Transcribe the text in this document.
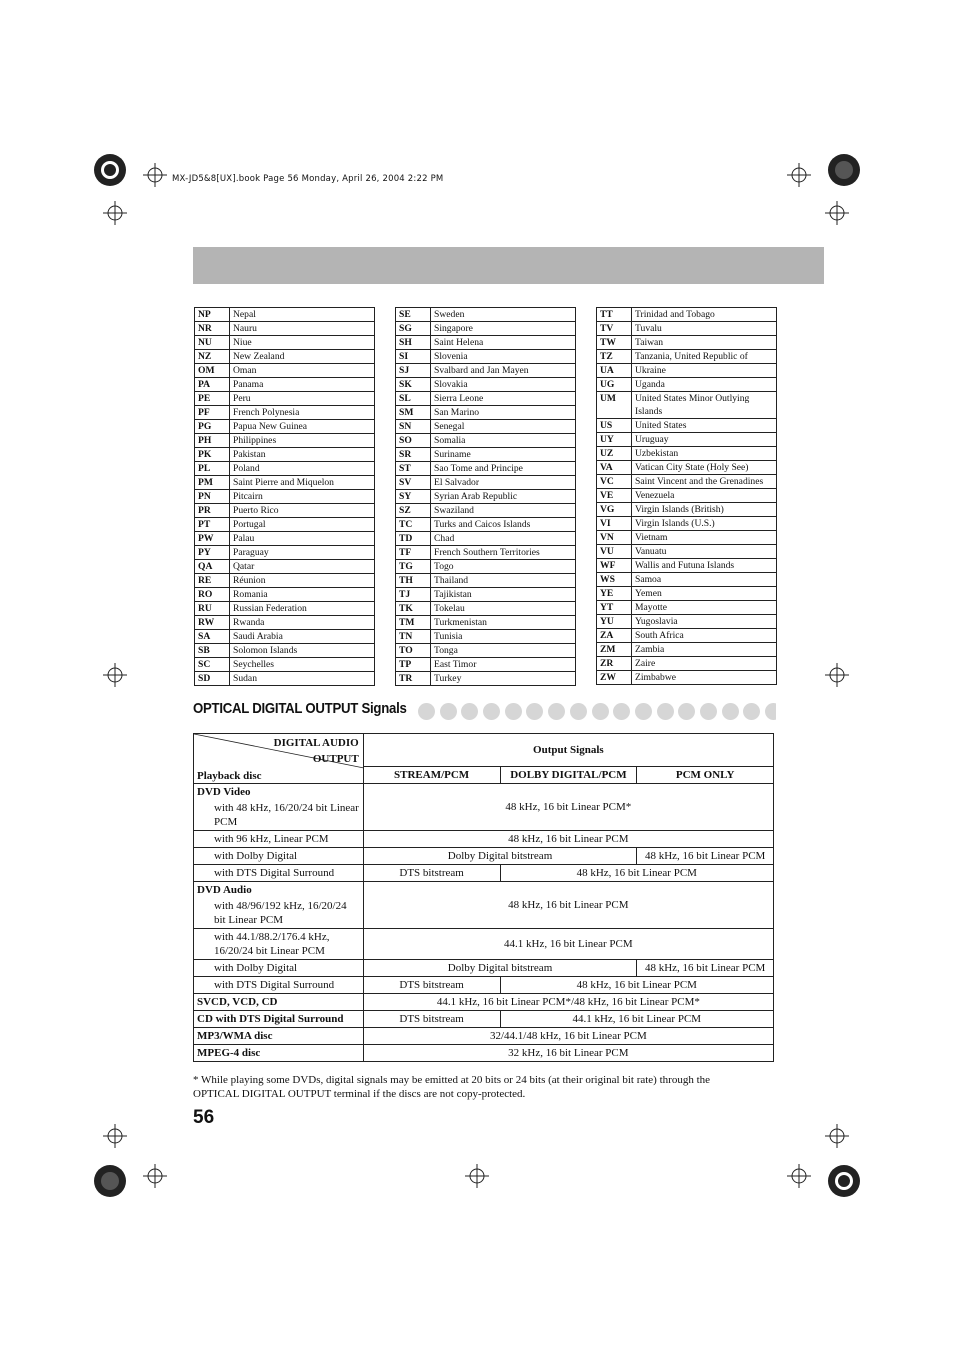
MX-JD5&8[UX].book Page 56 Monday, April 26, 2004 2:22 PM
NP	Nepal
NR	Nauru
NU	Niue
NZ	New Zealand
OM	Oman
PA	Panama
PE	Peru
PF	French Polynesia
PG	Papua New Guinea
PH	Philippines
PK	Pakistan
PL	Poland
PM	Saint Pierre and Miquelon
PN	Pitcairn
PR	Puerto Rico
PT	Portugal
PW	Palau
PY	Paraguay
QA	Qatar
RE	Réunion
RO	Romania
RU	Russian Federation
RW	Rwanda
SA	Saudi Arabia
SB	Solomon Islands
SC	Seychelles
SD	Sudan
SE	Sweden
SG	Singapore
SH	Saint Helena
SI	Slovenia
SJ	Svalbard and Jan Mayen
SK	Slovakia
SL	Sierra Leone
SM	San Marino
SN	Senegal
SO	Somalia
SR	Suriname
ST	Sao Tome and Principe
SV	El Salvador
SY	Syrian Arab Republic
SZ	Swaziland
TC	Turks and Caicos Islands
TD	Chad
TF	French Southern Territories
TG	Togo
TH	Thailand
TJ	Tajikistan
TK	Tokelau
TM	Turkmenistan
TN	Tunisia
TO	Tonga
TP	East Timor
TR	Turkey
TT	Trinidad and Tobago
TV	Tuvalu
TW	Taiwan
TZ	Tanzania, United Republic of
UA	Ukraine
UG	Uganda
UM	United States Minor Outlying Islands
US	United States
UY	Uruguay
UZ	Uzbekistan
VA	Vatican City State (Holy See)
VC	Saint Vincent and the Grenadines
VE	Venezuela
VG	Virgin Islands (British)
VI	Virgin Islands (U.S.)
VN	Vietnam
VU	Vanuatu
WF	Wallis and Futuna Islands
WS	Samoa
YE	Yemen
YT	Mayotte
YU	Yugoslavia
ZA	South Africa
ZM	Zambia
ZR	Zaire
ZW	Zimbabwe
OPTICAL DIGITAL OUTPUT Signals
DIGITAL AUDIO
OUTPUT
Playback disc	Output Signals		
	STREAM/PCM	DOLBY DIGITAL/PCM	PCM ONLY
DVD Video	48 kHz, 16 bit Linear PCM*		
with 48 kHz, 16/20/24 bit Linear PCM			
with 96 kHz, Linear PCM	48 kHz, 16 bit Linear PCM		
with Dolby Digital	Dolby Digital bitstream		48 kHz, 16 bit Linear PCM
with DTS Digital Surround	DTS bitstream	48 kHz, 16 bit Linear PCM	
DVD Audio	48 kHz, 16 bit Linear PCM		
with 48/96/192 kHz, 16/20/24 bit Linear PCM			
with 44.1/88.2/176.4 kHz, 16/20/24 bit Linear PCM	44.1 kHz, 16 bit Linear PCM		
with Dolby Digital	Dolby Digital bitstream		48 kHz, 16 bit Linear PCM
with DTS Digital Surround	DTS bitstream	48 kHz, 16 bit Linear PCM	
SVCD, VCD, CD	44.1 kHz, 16 bit Linear PCM*/48 kHz, 16 bit Linear PCM*		
CD with DTS Digital Surround	DTS bitstream	44.1 kHz, 16 bit Linear PCM	
MP3/WMA disc	32/44.1/48 kHz, 16 bit Linear PCM		
MPEG-4 disc	32 kHz, 16 bit Linear PCM		
* While playing some DVDs, digital signals may be emitted at 20 bits or 24 bits (at their original bit rate) through the
OPTICAL DIGITAL OUTPUT terminal if the discs are not copy-protected.
56
